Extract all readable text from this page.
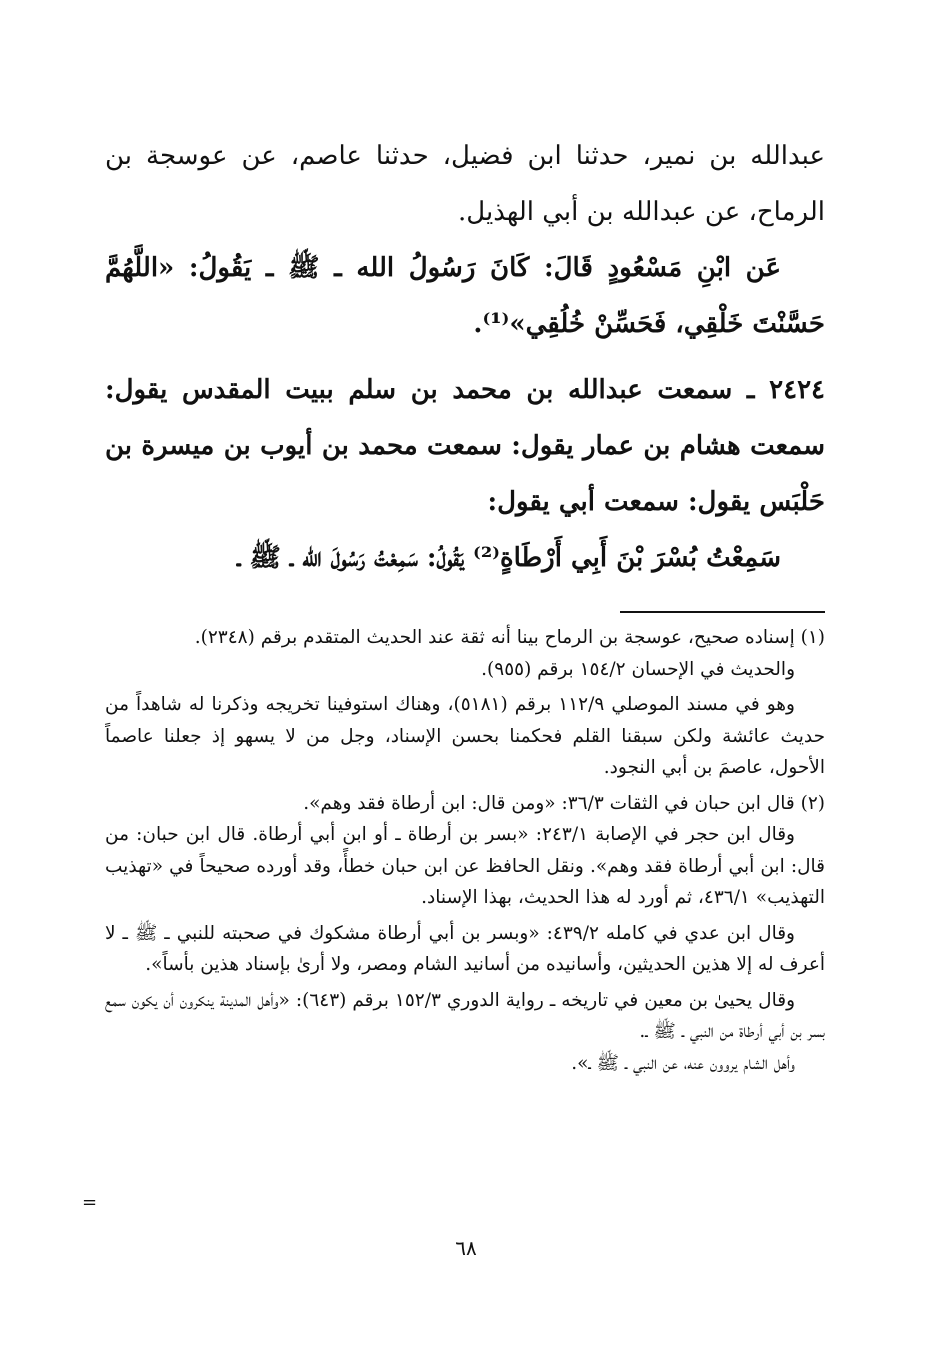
عبدالله بن نمير، حدثنا ابن فضيل، حدثنا عاصم، عن عوسجة بن الرماح، عن عبدالله بن أبي الهذيل.

عَن ابْنِ مَسْعُودٍ قَالَ: كَانَ رَسُولُ الله ـ ﷺ ـ يَقُولُ: «اللَّهُمَّ حَسَّنْتَ خَلْقِي، فَحَسِّنْ خُلُقِي»⁽¹⁾.

٢٤٢٤ ـ سمعت عبدالله بن محمد بن سلم ببيت المقدس يقول: سمعت هشام بن عمار يقول: سمعت محمد بن أيوب بن ميسرة بن حَلْبَس يقول: سمعت أبي يقول:

سَمِعْتُ بُسْرَ بْنَ أَبِي أَرْطَاةٍ⁽²⁾ يَقُولُ: سَمِعْتُ رَسُولَ الله ـ ﷺ ـ

(١) إسناده صحيح، عوسجة بن الرماح بينا أنه ثقة عند الحديث المتقدم برقم (٢٣٤٨).

والحديث في الإحسان ١٥٤/٢ برقم (٩٥٥).

وهو في مسند الموصلي ١١٢/٩ برقم (٥١٨١)، وهناك استوفينا تخريجه وذكرنا له شاهداً من حديث عائشة ولكن سبقنا القلم فحكمنا بحسن الإسناد، وجل من لا يسهو إذ جعلنا عاصماً الأحول، عاصمَ بن أبي النجود.

(٢) قال ابن حبان في الثقات ٣٦/٣: «ومن قال: ابن أرطاة فقد وهم».

وقال ابن حجر في الإصابة ٢٤٣/١: «بسر بن أرطاة ـ أو ابن أبي أرطاة. قال ابن حبان: من قال: ابن أبي أرطاة فقد وهم». ونقل الحافظ عن ابن حبان خطأً، وقد أورده صحيحاً في «تهذيب التهذيب» ٤٣٦/١، ثم أورد له هذا الحديث، بهذا الإسناد.

وقال ابن عدي في كامله ٤٣٩/٢: «وبسر بن أبي أرطاة مشكوك في صحبته للنبي ـ ﷺ ـ لا أعرف له إلا هذين الحديثين، وأسانيده من أسانيد الشام ومصر، ولا أرىٰ بإسناد هذين بأساً».

وقال يحيىٰ بن معين في تاريخه ـ رواية الدوري ١٥٢/٣ برقم (٦٤٣): «وأهل المدينة ينكرون أن يكون سمع بسر بن أبي أرطاة من النبي ـ ﷺ ـ.

وأهل الشام يروون عنه، عن النبي ـ ﷺ ـ».

=
٦٨
